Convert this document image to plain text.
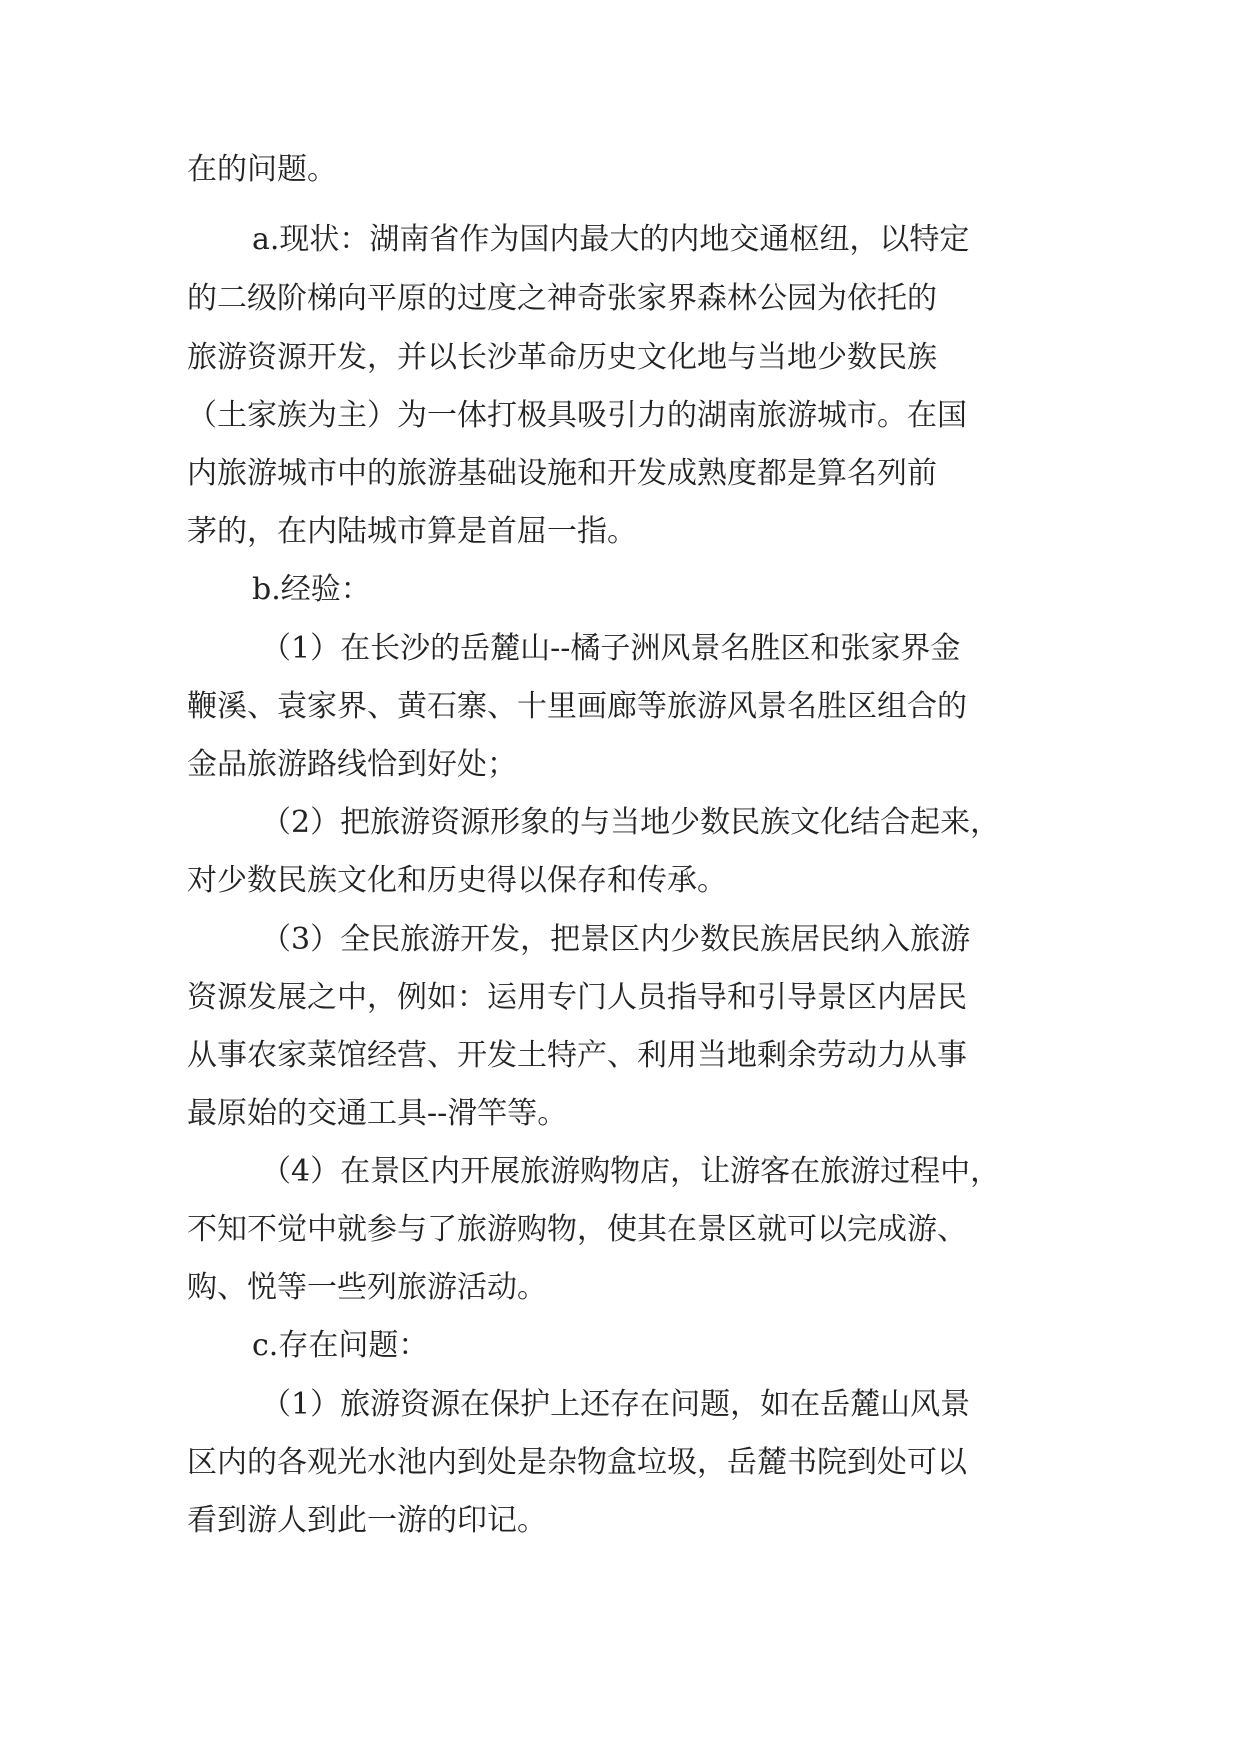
在的问题。
a.现状：湖南省作为国内最大的内地交通枢纽，以特定
的二级阶梯向平原的过度之神奇张家界森林公园为依托的
旅游资源开发，并以长沙革命历史文化地与当地少数民族
（土家族为主）为一体打极具吸引力的湖南旅游城市。在国
内旅游城市中的旅游基础设施和开发成熟度都是算名列前
茅的，在内陆城市算是首屈一指。
b.经验：
（1）在长沙的岳麓山--橘子洲风景名胜区和张家界金
鞭溪、袁家界、黄石寨、十里画廊等旅游风景名胜区组合的
金品旅游路线恰到好处；
（2）把旅游资源形象的与当地少数民族文化结合起来，
对少数民族文化和历史得以保存和传承。
（3）全民旅游开发，把景区内少数民族居民纳入旅游
资源发展之中，例如：运用专门人员指导和引导景区内居民
从事农家菜馆经营、开发土特产、利用当地剩余劳动力从事
最原始的交通工具--滑竿等。
（4）在景区内开展旅游购物店，让游客在旅游过程中，
不知不觉中就参与了旅游购物，使其在景区就可以完成游、
购、悦等一些列旅游活动。
c.存在问题：
（1）旅游资源在保护上还存在问题，如在岳麓山风景
区内的各观光水池内到处是杂物盒垃圾，岳麓书院到处可以
看到游人到此一游的印记。
